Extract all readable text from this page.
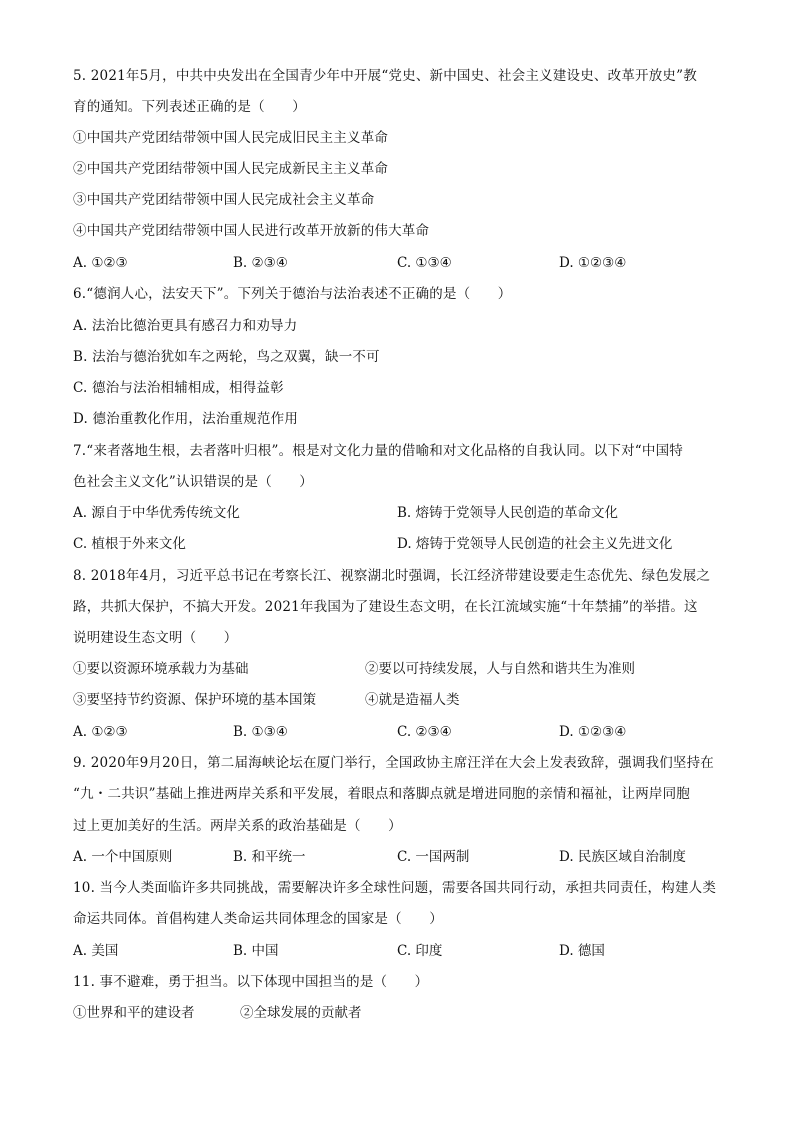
5. 2021年5月，中共中央发出在全国青少年中开展“党史、新中国史、社会主义建设史、改革开放史”教
育的通知。下列表述正确的是（　　）
①中国共产党团结带领中国人民完成旧民主主义革命
②中国共产党团结带领中国人民完成新民主主义革命
③中国共产党团结带领中国人民完成社会主义革命
④中国共产党团结带领中国人民进行改革开放新的伟大革命
A. ①②③	B. ②③④	C. ①③④	D. ①②③④
6.“德润人心，法安天下”。下列关于德治与法治表述不正确的是（　　）
A. 法治比德治更具有感召力和劝导力
B. 法治与德治犹如车之两轮，鸟之双翼，缺一不可
C. 德治与法治相辅相成，相得益彰
D. 德治重教化作用，法治重规范作用
7.“来者落地生根，去者落叶归根”。根是对文化力量的借喻和对文化品格的自我认同。以下对“中国特
色社会主义文化”认识错误的是（　　）
A. 源自于中华优秀传统文化	B. 熔铸于党领导人民创造的革命文化
C. 植根于外来文化	D. 熔铸于党领导人民创造的社会主义先进文化
8. 2018年4月，习近平总书记在考察长江、视察湖北时强调，长江经济带建设要走生态优先、绿色发展之
路，共抓大保护，不搞大开发。2021年我国为了建设生态文明，在长江流域实施“十年禁捕”的举措。这
说明建设生态文明（　　）
①要以资源环境承载力为基础	②要以可持续发展，人与自然和谐共生为准则
③要坚持节约资源、保护环境的基本国策	④就是造福人类
A. ①②③	B. ①③④	C. ②③④	D. ①②③④
9. 2020年9月20日，第二届海峡论坛在厦门举行，全国政协主席汪洋在大会上发表致辞，强调我们坚持在
“九・二共识”基础上推进两岸关系和平发展，着眼点和落脚点就是增进同胞的亲情和福祉，让两岸同胞
过上更加美好的生活。两岸关系的政治基础是（　　）
A. 一个中国原则	B. 和平统一	C. 一国两制	D. 民族区域自治制度
10. 当今人类面临许多共同挑战，需要解决许多全球性问题，需要各国共同行动，承担共同责任，构建人类
命运共同体。首倡构建人类命运共同体理念的国家是（　　）
A. 美国	B. 中国	C. 印度	D. 德国
11. 事不避难，勇于担当。以下体现中国担当的是（　　）
①世界和平的建设者	②全球发展的贡献者
